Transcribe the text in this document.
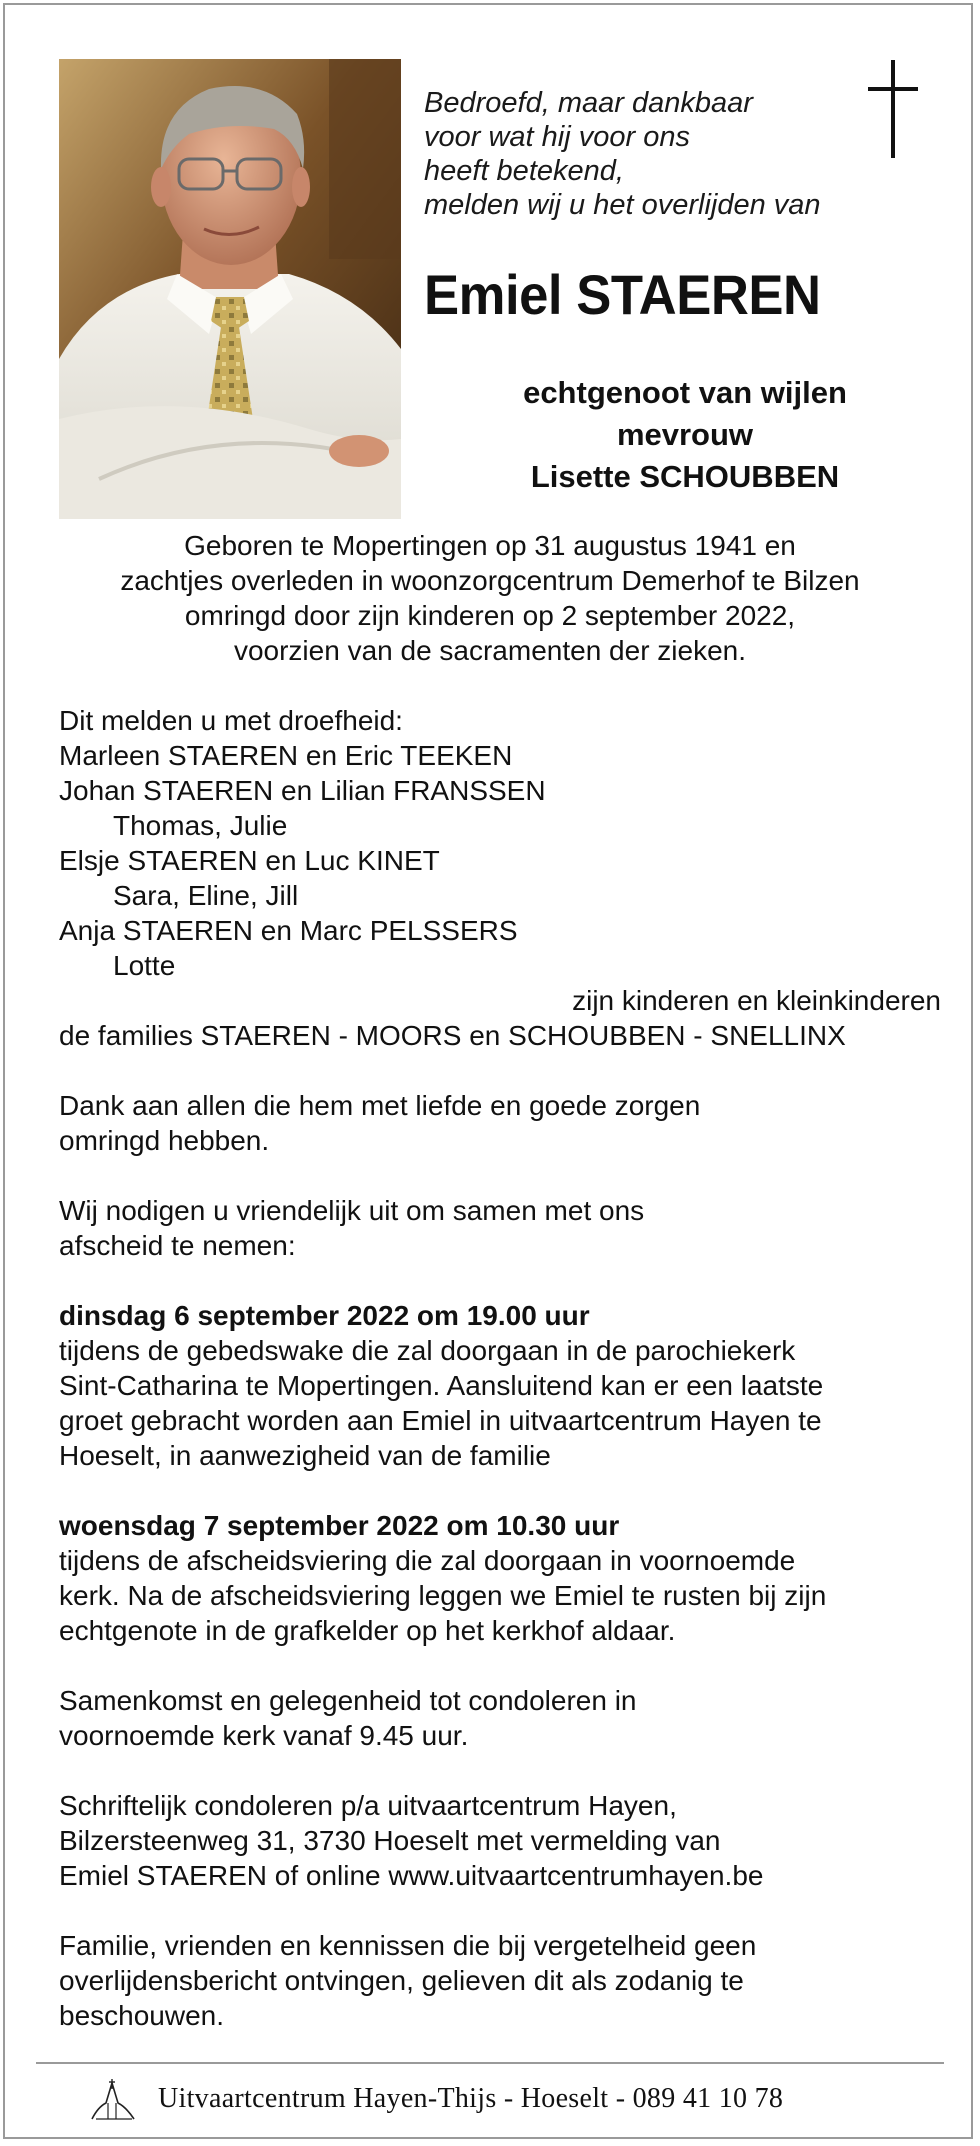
Bedroefd, maar dankbaar
voor wat hij voor ons
heeft betekend,
melden wij u het overlijden van
Emiel STAEREN
echtgenoot van wijlen
mevrouw
Lisette SCHOUBBEN
Geboren te Mopertingen op 31 augustus 1941 en
zachtjes overleden in woonzorgcentrum Demerhof te Bilzen
omringd door zijn kinderen op 2 september 2022,
voorzien van de sacramenten der zieken.
Dit melden u met droefheid:
Marleen STAEREN en Eric TEEKEN
Johan STAEREN en Lilian FRANSSEN
Thomas, Julie
Elsje STAEREN en Luc KINET
Sara, Eline, Jill
Anja STAEREN en Marc PELSSERS
Lotte
zijn kinderen en kleinkinderen
de families STAEREN - MOORS en SCHOUBBEN - SNELLINX
Dank aan allen die hem met liefde en goede zorgen
omringd hebben.
Wij nodigen u vriendelijk uit om samen met ons
afscheid te nemen:
dinsdag 6 september 2022 om 19.00 uur
tijdens de gebedswake die zal doorgaan in de parochiekerk
Sint-Catharina te Mopertingen. Aansluitend kan er een laatste
groet gebracht worden aan Emiel in uitvaartcentrum Hayen te
Hoeselt, in aanwezigheid van de familie
woensdag 7 september 2022 om 10.30 uur
tijdens de afscheidsviering die zal doorgaan in voornoemde
kerk. Na de afscheidsviering leggen we Emiel te rusten bij zijn
echtgenote in de grafkelder op het kerkhof aldaar.
Samenkomst en gelegenheid tot condoleren in
voornoemde kerk vanaf 9.45 uur.
Schriftelijk condoleren p/a uitvaartcentrum Hayen,
Bilzersteenweg 31, 3730 Hoeselt met vermelding van
Emiel STAEREN of online www.uitvaartcentrumhayen.be
Familie, vrienden en kennissen die bij vergetelheid geen
overlijdensbericht ontvingen, gelieven dit als zodanig te
beschouwen.
Uitvaartcentrum Hayen-Thijs - Hoeselt - 089 41 10 78
